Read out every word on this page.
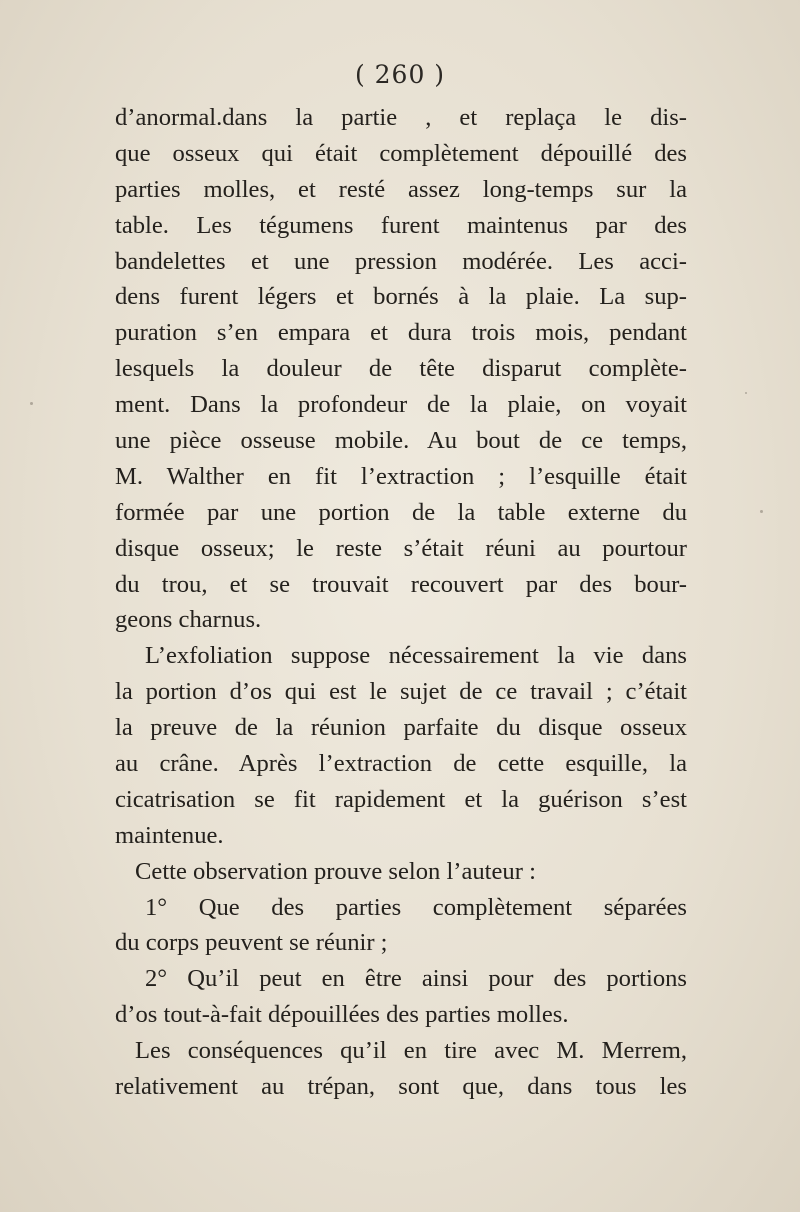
( 260 )
d’anormal.dans la partie , et replaça le dis-
que osseux qui était complètement dépouillé des
parties molles, et resté assez long-temps sur la
table. Les tégumens furent maintenus par des
bandelettes et une pression modérée. Les acci-
dens furent légers et bornés à la plaie. La sup-
puration s’en empara et dura trois mois, pendant
lesquels la douleur de tête disparut complète-
ment. Dans la profondeur de la plaie, on voyait
une pièce osseuse mobile. Au bout de ce temps,
M. Walther en fit l’extraction ; l’esquille était
formée par une portion de la table externe du
disque osseux; le reste s’était réuni au pourtour
du trou, et se trouvait recouvert par des bour-
geons charnus.
L’exfoliation suppose nécessairement la vie dans
la portion d’os qui est le sujet de ce travail ; c’était
la preuve de la réunion parfaite du disque osseux
au crâne. Après l’extraction de cette esquille, la
cicatrisation se fit rapidement et la guérison s’est
maintenue.
Cette observation prouve selon l’auteur :
1° Que des parties complètement séparées
du corps peuvent se réunir ;
2° Qu’il peut en être ainsi pour des portions
d’os tout-à-fait dépouillées des parties molles.
Les conséquences qu’il en tire avec M. Merrem,
relativement au trépan, sont que, dans tous les
